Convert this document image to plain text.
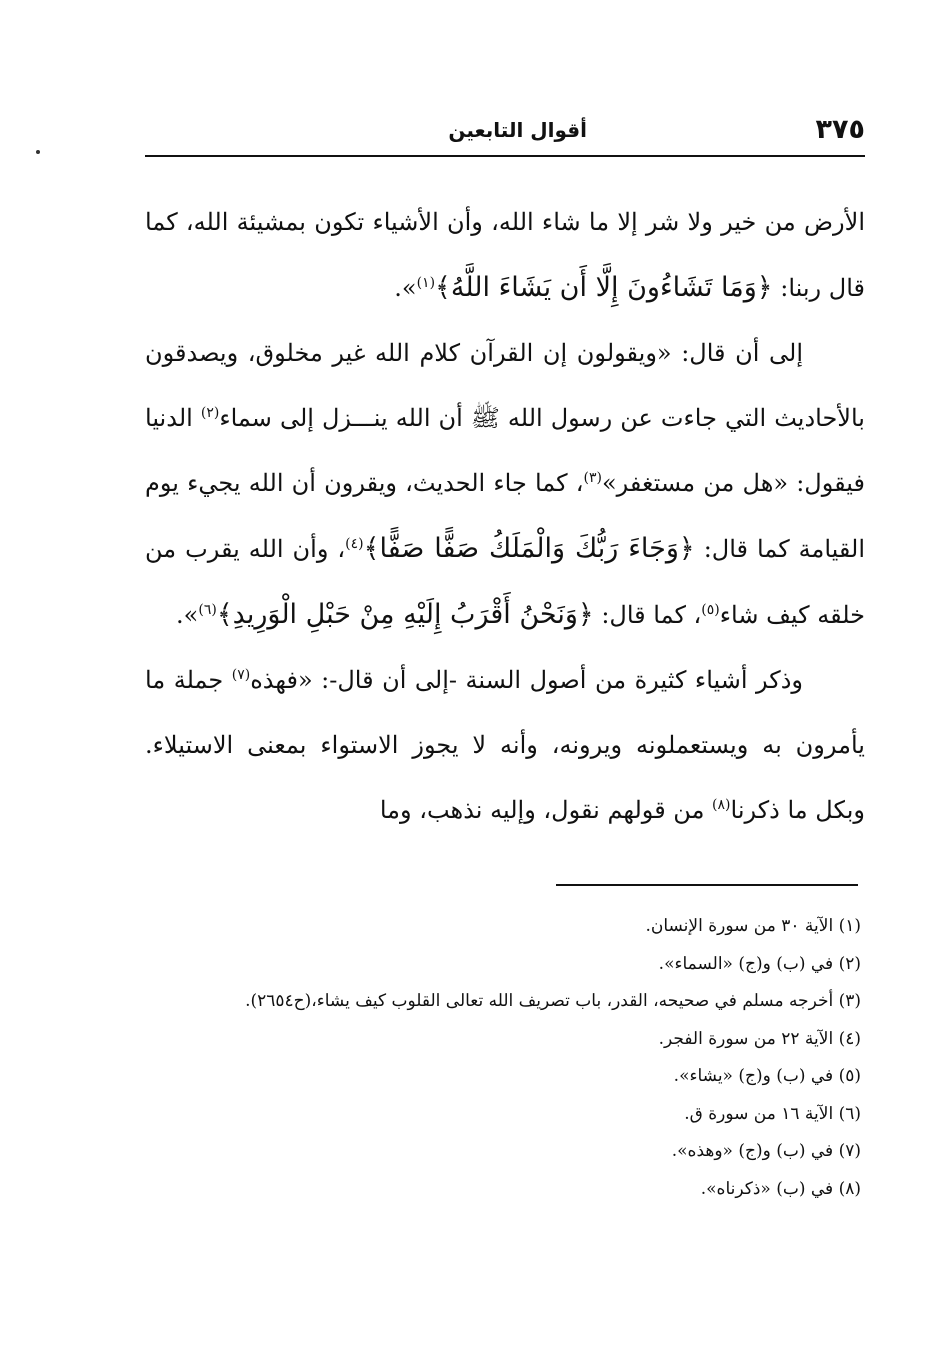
٣٧٥
أقوال التابعين

الأرض من خير ولا شر إلا ما شاء الله، وأن الأشياء تكون بمشيئة الله، كما قال ربنا: ﴿وَمَا تَشَاءُونَ إِلَّا أَن يَشَاءَ اللَّهُ﴾$^{(١)}$».

إلى أن قال: «ويقولون إن القرآن كلام الله غير مخلوق، ويصدقون بالأحاديث التي جاءت عن رسول الله ﷺ أن الله ينـــزل إلى سماء$^{(٢)}$ الدنيا فيقول: «هل من مستغفر»$^{(٣)}$، كما جاء الحديث، ويقرون أن الله يجيء يوم القيامة كما قال: ﴿وَجَاءَ رَبُّكَ وَالْمَلَكُ صَفًّا صَفًّا﴾$^{(٤)}$، وأن الله يقرب من خلقه كيف شاء$^{(٥)}$، كما قال: ﴿وَنَحْنُ أَقْرَبُ إِلَيْهِ مِنْ حَبْلِ الْوَرِيدِ﴾$^{(٦)}$».

وذكر أشياء كثيرة من أصول السنة -إلى أن قال-: «فهذه$^{(٧)}$ جملة ما يأمرون به ويستعملونه ويرونه، وأنه لا يجوز الاستواء بمعنى الاستيلاء. وبكل ما ذكرنا$^{(٨)}$ من قولهم نقول، وإليه نذهب، وما

(١) الآية ٣٠ من سورة الإنسان.

(٢) في (ب) و(ج) «السماء».

(٣) أخرجه مسلم في صحيحه، القدر، باب تصريف الله تعالى القلوب كيف يشاء،(ح٢٦٥٤).

(٤) الآية ٢٢ من سورة الفجر.

(٥) في (ب) و(ج) «يشاء».

(٦) الآية ١٦ من سورة ق.

(٧) في (ب) و(ج) «وهذه».

(٨) في (ب) «ذكرناه».
